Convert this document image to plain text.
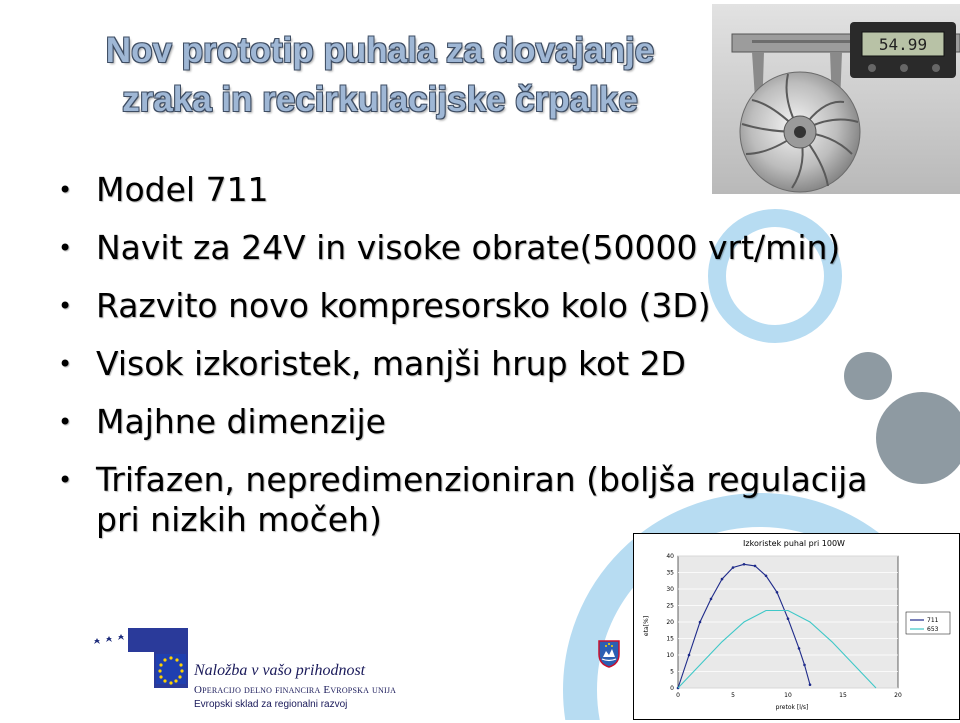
Nov prototip puhala za dovajanje
zraka in recirkulacijske črpalke
54.99
• Model 711
• Navit za 24V in visoke obrate(50000 vrt/min)
• Razvito novo kompresorsko kolo (3D)
• Visok izkoristek, manjši hrup kot 2D
• Majhne dimenzije
• Trifazen, nepredimenzioniran (boljša regulacija pri nizkih močeh)
Naložba v vašo prihodnost
Operacijo delno financira Evropska unija
Evropski sklad za regionalni razvoj
Izkoristek puhal pri 100W
pretok [l/s]
eta[%]
0
5
10
15
20
25
30
35
40
0	5	10	15	20
711
653
